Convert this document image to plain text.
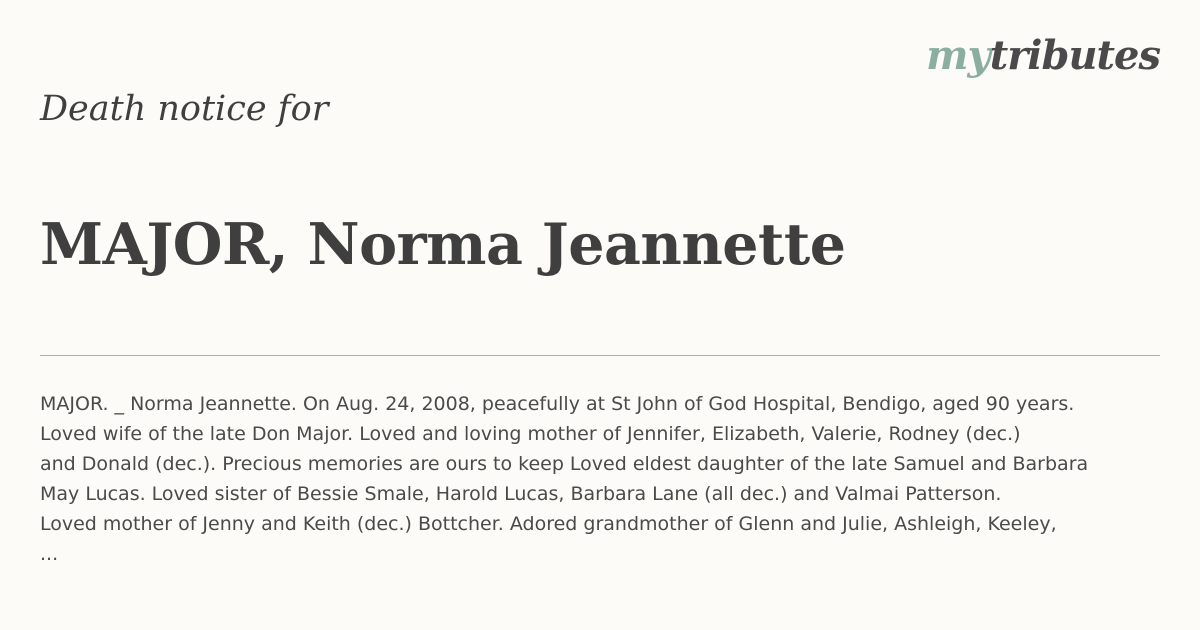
mytributes
Death notice for
MAJOR, Norma Jeannette
MAJOR. _ Norma Jeannette. On Aug. 24, 2008, peacefully at St John of God Hospital, Bendigo, aged 90 years.
Loved wife of the late Don Major. Loved and loving mother of Jennifer, Elizabeth, Valerie, Rodney (dec.)
and Donald (dec.). Precious memories are ours to keep Loved eldest daughter of the late Samuel and Barbara
May Lucas. Loved sister of Bessie Smale, Harold Lucas, Barbara Lane (all dec.) and Valmai Patterson.
Loved mother of Jenny and Keith (dec.) Bottcher. Adored grandmother of Glenn and Julie, Ashleigh, Keeley,
...
